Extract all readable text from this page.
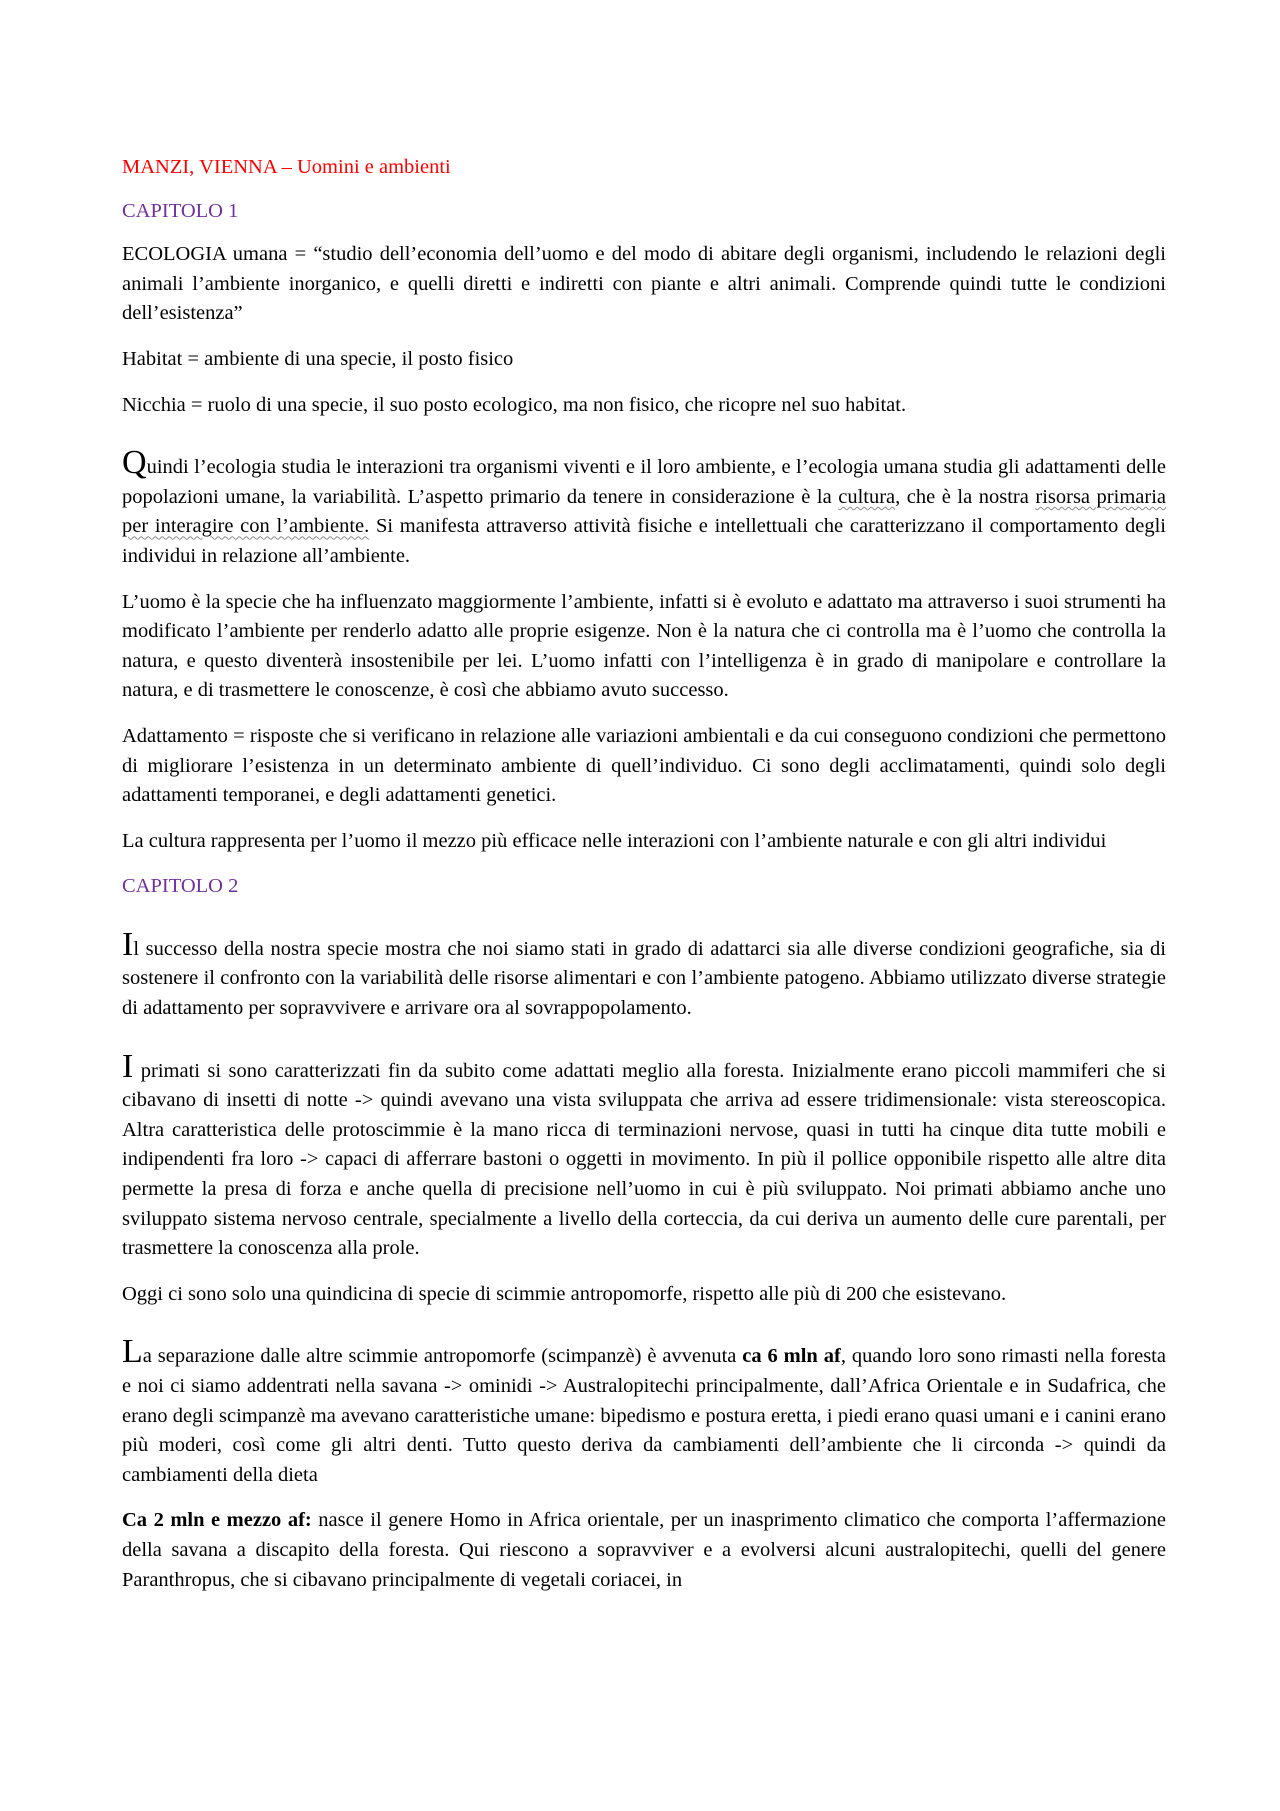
MANZI, VIENNA – Uomini e ambienti

CAPITOLO 1

ECOLOGIA umana = “studio dell’economia dell’uomo e del modo di abitare degli organismi, includendo le relazioni degli animali l’ambiente inorganico, e quelli diretti e indiretti con piante e altri animali. Comprende quindi tutte le condizioni dell’esistenza”

Habitat = ambiente di una specie, il posto fisico

Nicchia = ruolo di una specie, il suo posto ecologico, ma non fisico, che ricopre nel suo habitat.

Quindi l’ecologia studia le interazioni tra organismi viventi e il loro ambiente, e l’ecologia umana studia gli adattamenti delle popolazioni umane, la variabilità. L’aspetto primario da tenere in considerazione è la cultura, che è la nostra risorsa primaria per interagire con l’ambiente. Si manifesta attraverso attività fisiche e intellettuali che caratterizzano il comportamento degli individui in relazione all’ambiente.

L’uomo è la specie che ha influenzato maggiormente l’ambiente, infatti si è evoluto e adattato ma attraverso i suoi strumenti ha modificato l’ambiente per renderlo adatto alle proprie esigenze. Non è la natura che ci controlla ma è l’uomo che controlla la natura, e questo diventerà insostenibile per lei. L’uomo infatti con l’intelligenza è in grado di manipolare e controllare la natura, e di trasmettere le conoscenze, è così che abbiamo avuto successo.

Adattamento = risposte che si verificano in relazione alle variazioni ambientali e da cui conseguono condizioni che permettono di migliorare l’esistenza in un determinato ambiente di quell’individuo. Ci sono degli acclimatamenti, quindi solo degli adattamenti temporanei, e degli adattamenti genetici.

La cultura rappresenta per l’uomo il mezzo più efficace nelle interazioni con l’ambiente naturale e con gli altri individui

CAPITOLO 2

Il successo della nostra specie mostra che noi siamo stati in grado di adattarci sia alle diverse condizioni geografiche, sia di sostenere il confronto con la variabilità delle risorse alimentari e con l’ambiente patogeno. Abbiamo utilizzato diverse strategie di adattamento per sopravvivere e arrivare ora al sovrappopolamento.

I primati si sono caratterizzati fin da subito come adattati meglio alla foresta. Inizialmente erano piccoli mammiferi che si cibavano di insetti di notte -> quindi avevano una vista sviluppata che arriva ad essere tridimensionale: vista stereoscopica. Altra caratteristica delle protoscimmie è la mano ricca di terminazioni nervose, quasi in tutti ha cinque dita tutte mobili e indipendenti fra loro -> capaci di afferrare bastoni o oggetti in movimento. In più il pollice opponibile rispetto alle altre dita permette la presa di forza e anche quella di precisione nell’uomo in cui è più sviluppato. Noi primati abbiamo anche uno sviluppato sistema nervoso centrale, specialmente a livello della corteccia, da cui deriva un aumento delle cure parentali, per trasmettere la conoscenza alla prole.

Oggi ci sono solo una quindicina di specie di scimmie antropomorfe, rispetto alle più di 200 che esistevano.

La separazione dalle altre scimmie antropomorfe (scimpanzè) è avvenuta ca 6 mln af, quando loro sono rimasti nella foresta e noi ci siamo addentrati nella savana -> ominidi -> Australopitechi principalmente, dall’Africa Orientale e in Sudafrica, che erano degli scimpanzè ma avevano caratteristiche umane: bipedismo e postura eretta, i piedi erano quasi umani e i canini erano più moderi, così come gli altri denti. Tutto questo deriva da cambiamenti dell’ambiente che li circonda -> quindi da cambiamenti della dieta

Ca 2 mln e mezzo af: nasce il genere Homo in Africa orientale, per un inasprimento climatico che comporta l’affermazione della savana a discapito della foresta. Qui riescono a sopravviver e a evolversi alcuni australopitechi, quelli del genere Paranthropus, che si cibavano principalmente di vegetali coriacei, in
